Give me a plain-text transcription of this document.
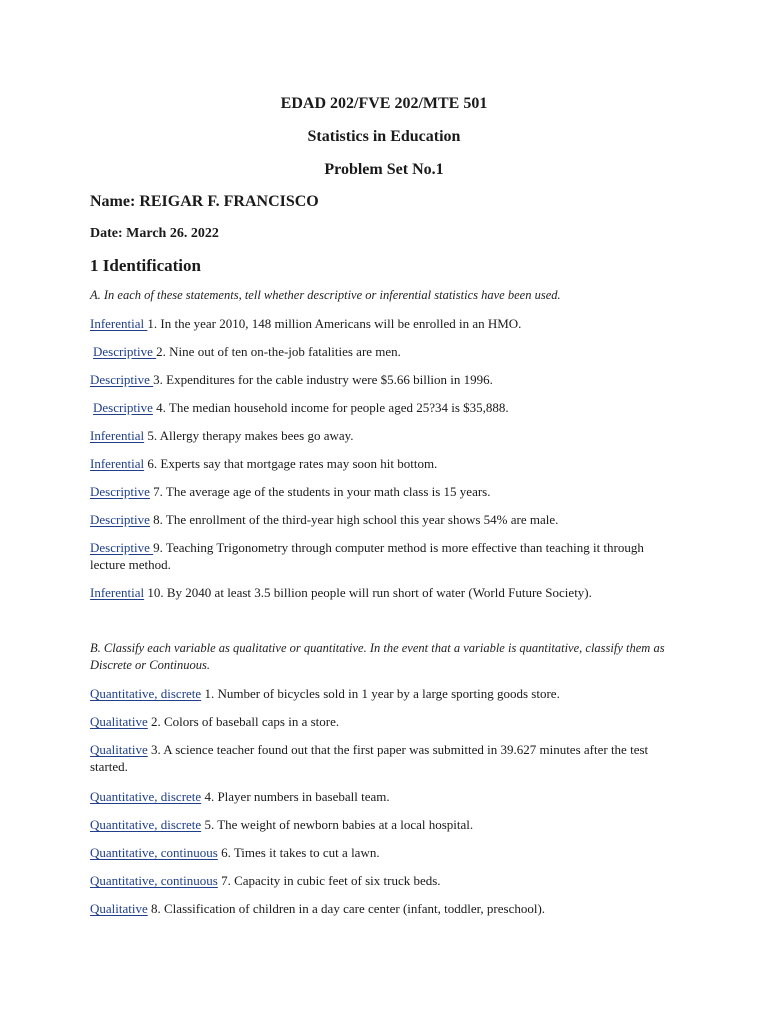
EDAD 202/FVE 202/MTE 501
Statistics in Education
Problem Set No.1
Name: REIGAR F. FRANCISCO
Date: March 26. 2022
1 Identification
A. In each of these statements, tell whether descriptive or inferential statistics have been used.
Inferential 1. In the year 2010, 148 million Americans will be enrolled in an HMO.
Descriptive 2. Nine out of ten on-the-job fatalities are men.
Descriptive 3. Expenditures for the cable industry were $5.66 billion in 1996.
Descriptive 4. The median household income for people aged 25?34 is $35,888.
Inferential 5. Allergy therapy makes bees go away.
Inferential 6. Experts say that mortgage rates may soon hit bottom.
Descriptive 7. The average age of the students in your math class is 15 years.
Descriptive 8. The enrollment of the third-year high school this year shows 54% are male.
Descriptive 9. Teaching Trigonometry through computer method is more effective than teaching it through lecture method.
Inferential 10. By 2040 at least 3.5 billion people will run short of water (World Future Society).
B. Classify each variable as qualitative or quantitative. In the event that a variable is quantitative, classify them as Discrete or Continuous.
Quantitative, discrete 1. Number of bicycles sold in 1 year by a large sporting goods store.
Qualitative 2. Colors of baseball caps in a store.
Qualitative 3. A science teacher found out that the first paper was submitted in 39.627 minutes after the test started.
Quantitative, discrete 4. Player numbers in baseball team.
Quantitative, discrete 5. The weight of newborn babies at a local hospital.
Quantitative, continuous 6. Times it takes to cut a lawn.
Quantitative, continuous 7. Capacity in cubic feet of six truck beds.
Qualitative 8. Classification of children in a day care center (infant, toddler, preschool).
